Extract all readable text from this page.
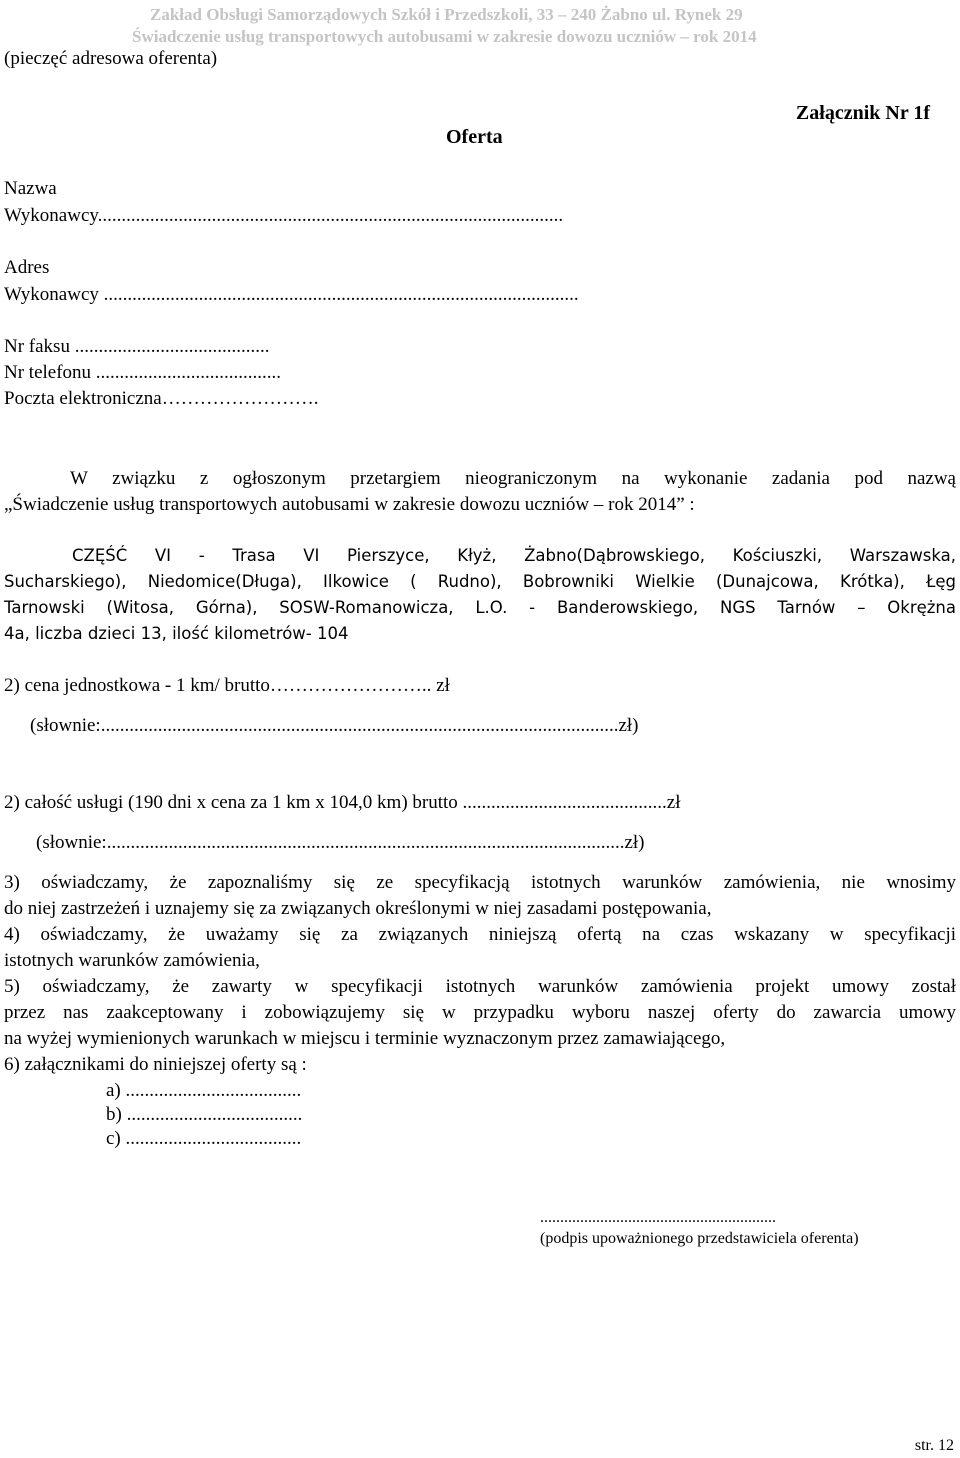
Zakład Obsługi Samorządowych Szkół i Przedszkoli, 33 – 240 Żabno ul. Rynek 29
Świadczenie usług transportowych autobusami w zakresie dowozu uczniów – rok 2014
(pieczęć adresowa oferenta)
Załącznik Nr 1f
Oferta
Nazwa
Wykonawcy..................................................................................................
Adres
Wykonawcy ....................................................................................................
Nr faksu .........................................
Nr telefonu .......................................
Poczta elektroniczna…………………….
W związku z ogłoszonym przetargiem nieograniczonym na wykonanie zadania pod nazwą
„Świadczenie usług transportowych autobusami w zakresie dowozu uczniów – rok 2014” :
CZĘŚĆ VI - Trasa VI Pierszyce, Kłyż, Żabno(Dąbrowskiego, Kościuszki, Warszawska,
Sucharskiego), Niedomice(Długa), Ilkowice ( Rudno), Bobrowniki Wielkie (Dunajcowa, Krótka), Łęg
Tarnowski (Witosa, Górna), SOSW-Romanowicza, L.O. - Banderowskiego, NGS Tarnów – Okrężna
4a, liczba dzieci 13, ilość kilometrów- 104
2) cena jednostkowa - 1 km/ brutto…………………….. zł
(słownie:.............................................................................................................zł)
2) całość usługi (190 dni x cena za 1 km x 104,0 km) brutto ...........................................zł
(słownie:.............................................................................................................zł)
3) oświadczamy, że zapoznaliśmy się ze specyfikacją istotnych warunków zamówienia, nie wnosimy
do niej zastrzeżeń i uznajemy się za związanych określonymi w niej zasadami postępowania,
4) oświadczamy, że uważamy się za związanych niniejszą ofertą na czas wskazany w specyfikacji
istotnych warunków zamówienia,
5) oświadczamy, że zawarty w specyfikacji istotnych warunków zamówienia projekt umowy został
przez nas zaakceptowany i zobowiązujemy się w przypadku wyboru naszej oferty do zawarcia umowy
na wyżej wymienionych warunkach w miejscu i terminie wyznaczonym przez zamawiającego,
6) załącznikami do niniejszej oferty są :
a) .....................................
b) .....................................
c) .....................................
...........................................................
(podpis upoważnionego przedstawiciela oferenta)
str. 12
